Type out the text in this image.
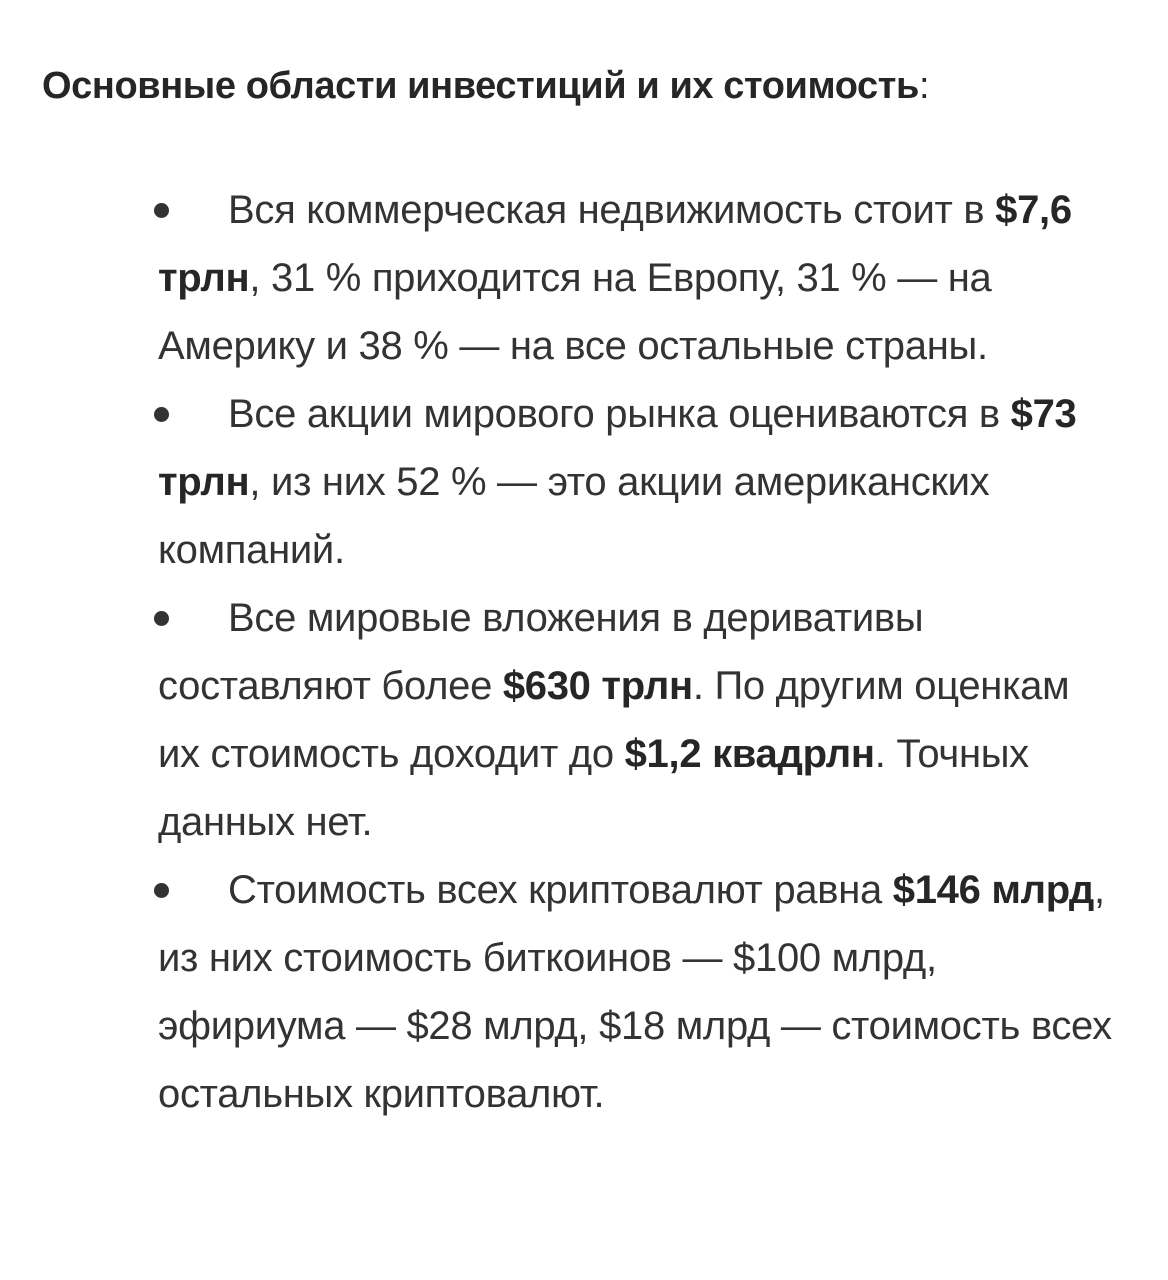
Основные области инвестиций и их стоимость:
Вся коммерческая недвижимость стоит в $7,6 трлн, 31 % приходится на Европу, 31 % — на Америку и 38 % — на все остальные страны.
Все акции мирового рынка оцениваются в $73 трлн, из них 52 % — это акции американских компаний.
Все мировые вложения в деривативы составляют более $630 трлн. По другим оценкам их стоимость доходит до $1,2 квадрлн. Точных данных нет.
Стоимость всех криптовалют равна $146 млрд, из них стоимость биткоинов — $100 млрд, эфириума — $28 млрд, $18 млрд — стоимость всех остальных криптовалют.
